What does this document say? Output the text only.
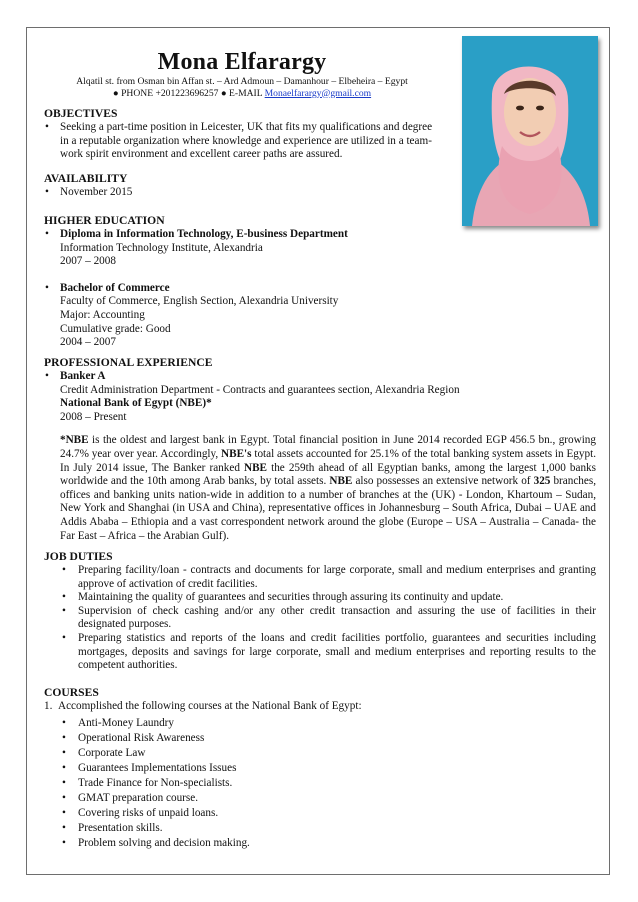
Mona Elfarargy
Alqatil st. from Osman bin Affan st. – Ard Admoun – Damanhour – Elbeheira – Egypt
● PHONE +201223696257 ● E-MAIL Monaelfarargy@gmail.com
OBJECTIVES
• Seeking a part-time position in Leicester, UK that fits my qualifications and degree
in a reputable organization where knowledge and experience are utilized in a team-
work spirit environment and excellent career paths are assured.
AVAILABILITY
• November 2015
HIGHER EDUCATION
• Diploma in Information Technology, E-business Department
Information Technology Institute, Alexandria
2007 – 2008
• Bachelor of Commerce
Faculty of Commerce, English Section, Alexandria University
Major: Accounting
Cumulative grade: Good
2004 – 2007
PROFESSIONAL EXPERIENCE
• Banker A
Credit Administration Department - Contracts and guarantees section, Alexandria Region
National Bank of Egypt (NBE)*
2008 – Present
*NBE is the oldest and largest bank in Egypt. Total financial position in June 2014 recorded EGP 456.5 bn., growing 24.7% year over year. Accordingly, NBE's total assets accounted for 25.1% of the total banking system assets in Egypt. In July 2014 issue, The Banker ranked NBE the 259th ahead of all Egyptian banks, among the largest 1,000 banks worldwide and the 10th among Arab banks, by total assets. NBE also possesses an extensive network of 325 branches, offices and banking units nation-wide in addition to a number of branches at the (UK) - London, Khartoum – Sudan, New York and Shanghai (in USA and China), representative offices in Johannesburg – South Africa, Dubai – UAE and Addis Ababa – Ethiopia and a vast correspondent network around the globe (Europe – USA – Australia – Canada- the Far East – Africa – the Arabian Gulf).
JOB DUTIES
• Preparing facility/loan - contracts and documents for large corporate, small and medium enterprises and granting approve of activation of credit facilities.
• Maintaining the quality of guarantees and securities through assuring its continuity and update.
• Supervision of check cashing and/or any other credit transaction and assuring the use of facilities in their designated purposes.
• Preparing statistics and reports of the loans and credit facilities portfolio, guarantees and securities including mortgages, deposits and savings for large corporate, small and medium enterprises and reporting results to the competent authorities.
COURSES
1. Accomplished the following courses at the National Bank of Egypt:
• Anti-Money Laundry
• Operational Risk Awareness
• Corporate Law
• Guarantees Implementations Issues
• Trade Finance for Non-specialists.
• GMAT preparation course.
• Covering risks of unpaid loans.
• Presentation skills.
• Problem solving and decision making.
